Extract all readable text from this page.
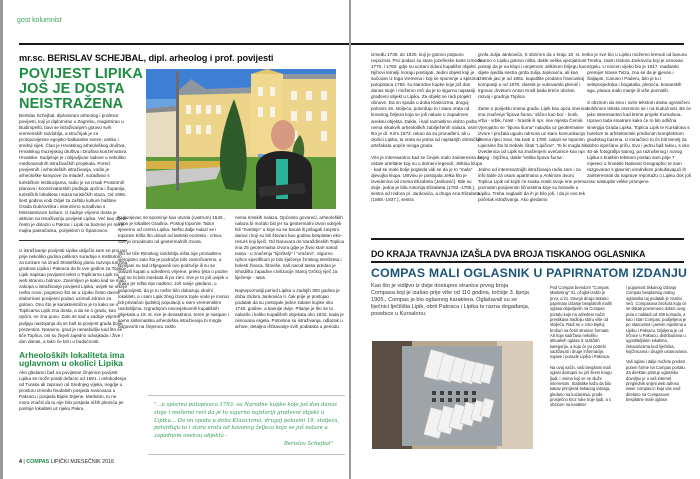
gost kolumnist
mr.sc. BERISLAV SCHEJBAL, dipl. arheolog i prof. povijesti
POVIJEST LIPIKA JOŠ JE DOSTA NEISTRAŽENA

Berislav Schejbal, diplomirani arheolog i profesor povijesti, koji je diplomirao u Zagrebu, magistrirao u Budimpešti, bavi se istraživanjem gotovo svih vremenskih razdoblja, a stručnjak je za protopovijesne egejsko-balkanske sveze, antiku i srednji vijek. Član je Hrvatskog arheološkog društva, Hrvatskog muzejskog društva i Društva konzervatora Hrvatske. Sudjeluje je i objavljivao radove u nekoliko međunarodnih istraživačkih projekata. Pored povijesnih i arheoloških istraživanja, vodio je arheološke kampove za mladež, surađivao s turističkim institucijama, radio je na izradi Prostornih planova i konzervatorskih podloga općina i Županija, turističkih lokaliteta i staza turističkih staza. Od 1995. šest godina vodi Odjel za zaštitu kulture baštine Grada Dubrovnika i intenzivno surađivao s Ministarstvom kulture. U zadnje vrijeme dosta je aktivan na istraživanju povijesti Lipika. Već kao dijete često je dolazio u Pakrac i Lipik na bazene jer mu je majka pakračanka, porijeklom iz Španovice.

U istraživanje povijesti Lipika uključio sam se prvi put prije nekoliko godina prilikom suradnje s Institutom za turizam na izradi Strateškog plana razvoja turizma gradova Lipika i Pakraca da bi ove godine za Toplice Lipik napisao povijesni tekst o Toplicama Lipik za web stranicu bolnice. Zanimljivo je kako kad se malo zakopa u istraživanje povijesti Lipika, uvijek se otkrije nešto novo, pogotovo što se u Lipiku često davno elaborirani povijesni podaci uzimali zdravo za gotovo. Ono što je karakteristično je to kako se o Toplicama Lipik zna dosta, a da se o gradu, kao općini, ne zna puno. Zato se sad u zadnje vrijeme javljaju nastojanja da se baš ta povijest grada bolje prezentira. Naravno, grad je neraskidljiv kad što se tiče Toplica, oni su živjeli zajedno odvajkada i žive i dan danas, a tako će biti i u budućnosti.

Arheoloških lokaliteta ima uglavnom u okolici Lipika

Ako gledamo baš na povijesne činjenice povijest Lipika se može pratiti defacto od 1691. i oslobođenja od Turaka ali zapravo od Srednjeg vijeka, negdje u prostoru između feudalnih posjeda Ivanovaca u Pakracu i posjeda Bijele Stijene. Međutim, to ne mora značiti da tu nije bilo posjeda nižih plemića jer postoje lokaliteti uz rijeku Pakru.

Kukunjevac se spominje kao utvrda (castrum) 1540., tamo je lokalitet Gradina. Postoji toponim Tabor sjeverno od centra Lipika. Nešto dalje nalazi se i toponim Kliša što dolazi od latinski ecclesia - crkva. Sve je izmaknuto od geotermalnih izvora.

Što se tiče Rimskog razdoblja ništa nije pronađeno vjerojatno zato što je područje bilo zamočvareno, a Rimljani su tad izbjegavali ovo područje ili su se dolazili kupati u određeno vrijeme; preko ljeta u podne kad ne bi bilo insekata ili po zimi. Sve je to još uvijek u zraku jer ništa nije nađeno. Još ranije gledano, u prapovijesti, da je tu nešto bilo dokazuju okolni lokaliteti, a i sam Lipik zbog izvora tople vode je morao biti privlačan ljudskoj populaciji u svim vremenskim razdobljima. Izgradnjom novovjekovnih kupališnih objekata u 19. st. sve je devastirano, teren je nasipan i samo sistematska arheološka istraživanja bi mogla odgovoriti na činjenicu zašto

nema rimskih nalaza. Općenito govoreći, arheoloških nalaza bi moralo biti jer su geotermalni izvori odvijek bili "Svetinje" u koje su se bacali ili prilagali zavjetni darovi i koji su bili štovani kao godina besplatan eko-resurs koji liječi. Od Daruvara do Varaždinskih Toplica ima 25 geotermalna izvora gdje je živio stari narod Iassa - u značenju "liječitelji" / "vračevi". Sigurno njihov specifikum je bilo liječenje žrnskog sterilizeta i bolesti živaca. Štoviše, naš narod Iassa predao je ishodištu zapadne civilizacije Staroj Grčkoj riječ za liječenje - iasis.

Najnepoznatiji period Lipika u zadnjih 300 godina je doba Izidora Jankovića II. čak prije je postojao podatak da su postojale jedne zidane kupke oko 1745. godine, a kasnije dvije. Pitanje je što se tu nalazilo i koliko kupališnih objekata oko 1843. kada je osnovana ergela. Potrebna su istraživanja, odlazak u arhive, detaljno iščitavanje svih podataka u periodu

"...u spisima putopisaca 1793. su Narodne kupke koje još dan danas stoje i možemo reći da je to sigurno najstariji građevni objekt u Lipiku... Da on spada u doba Klasicizma, drugoj polovini 19. stoljeća, potvrđuju to i stara vrata od kovanog željeza koja se još nalaze u zapadnom aneksu objekta -
Berislav Schejbal"
4 | COMPAS LIPIČKI MJESEČNIK 2016

između 1730. do 1820. koji je gotovo potpuno nepoznat. Prvi podaci su stare jozefinske karte između 1770. i 1780. gdje su ucrtani zidani kupališni objekti. Njihovi temelji moraju postojati. Jedini objekt koji je sačuvan iz toga vremena i koji se spominje u spisima putopisaca 1793. su Narodne kupke koje još dan danas stoje i možemo reći da je to sigurno najstariji građevni objekt u Lipiku. Za objekt se radi projekt obnove. Da on spada u doba Klasicizma, drugoj polovini 19. stoljeća, potvrđuju to i stara vrata od kovanog željeza koja se još nalaze u zapadnom aneksu objekta. Dakle, i kad razmislimo dobro pošto nema nikakvih arheoloških zabilježenih nalaza, osim što je dr. Kirm 1873. rekao da su pronađeni, ali u okolici Lipika, ta vrata su jedna od najstarijih obrtničkih artefakata uopće ovoga grada.

Vrlo je interesantno kad se čovjek malo zainteresira za ostale artefakte koji su u domeni legendi. Jelkina klupa - kad se malo bolje pogleda vidi se da je to "mala" djevojka klupa. Ustvinu je postojala Jelka što je izvedenica od imena Elizabeta (Janković). Bile su dvije, jedna je bila Antonija Elizabeta (1783.-1785.), sestra od Izidora pl. Jankovića, a druga Ana Elizabeta (1859.-1937.), sestra

grofa Julija Jankovića. S obzirom da o kraju 18. st. ne znamo o Lipiku gotovo ništa, dakle velika vjerojatnost postoji da je na klupi i umjetnom Jelkinom brijegu kao dijete sjedila sestra grofa Julija Jankovića, ali kao Izletnik javi je od 1861. kupalište prodano francuskoj kompaniji a od 1876. vlasnik je vukovarski plemić i trgovac drvetom Antun Knoll kada kreće ubrzan razvoj i gradnja Toplica.

Zatim o porijeklu imena grada. Lipik kao opća imenica ima značenje 'lipova šuma,' slično kao bor - borik, vrba - vrbik, hrast - hrastik ili npr. ime mjesta Černik. Vjerojatno se "lipova šuma" nalazila uz geotermalne izvore i pružala ugodu odmora uz staru komunikaciju prema rijeci Savi. Na karti iz 1780. nalazi se toponim Lipicsine što bi trebalo čitati "Lipičine". To bi mogla biti izvedenica od Lipik sa značenjem uvećanice kao npr. brijeg - brjižina, dakle 'Velika lipova šuma'.

Jedno od interesantnijih istraživanja radio sam i za info table za osam apartmana u Ankinom dvoru Toplica Lipik od kojih će svaka nositi svoje ime prema poznatim povijesnim ličnostima koje su boravile u Lipiku. Treba naglasiti da ih je bilo još, i da je ovo tek početak istraživanja. Ako gledamo

tko je sve bio u Lipiku možemo krenuti od baruna Trenka, zatim Izidora Jankovića koji je osnovao ergelu. U novom vijeku bio je 1917. mađarski premijer Istvan Tisza, zna se da je gjevao i Šaljapin, Caruso i Paderu, bilo je tu i veleposjednika i bogataša, plemića, bosanskih aga, pisaca malo manje ili više poznatih.

S obzirom da smo i ovim tekstom dosta ograničeni količinom teksta osvrnimo se i na budućnost. Bit će jako interesantno kad krene projekt Kursalona. Upravo tada smatram kako će to biti odlična sinergija Grada Lipika, Toplica Lipik te Kursalona s hotelom te arhitektonski predivnim kompleksom gradskog bazena. U konačnici to će biti temelj za dobro ispričanu priču. Evo i jednu baš takvu, s oko 40-ak fotografija starog, pa razrušenog i novog Lipika s kratkim tekstom poslao sam prije 7 mjeseci u hrvatski National Geographic te sam razgovarao s glavnim urednikom pokušavajući ih zainteresirati da naprave reportažu o Lipiku dok još nisu nastupile velike promjene.

DO KRAJA TRAVNJA IZAŠLA DVA BROJA TISKANOG OGLASNIKA
COMPAS MALI OGLASNIK U PAPIRNATOM IZDANJU
Kao što je vidljivo iz dvije dostupne stranice prvog broja Compasa koji je izašao prije više od 110 godina, točnije 3. lipnja 1905., Compas je bio oglasnog karaktera. Oglašavali su se liječnici lječilišta Lipik, obrti Pakraca i Lipika te razna događanja, posebice u Kursalonu.

Pod Compas brendom "Compas Marketing" 31. ožujka izašlo je prvo, a 21. travnja drugo tiskano papirnato izdanje besplatnih malih oglasa objavljenih na Compas portalu koje na određeni način preslikava tradiciju staru više od stoljeća. Radi se o crno-bijeloj brošuri na četiri stranice formata A5 koja sadržava nekoliko aktualnih oglasa iz različitih kategorija, a koja će po potrebi sadržavati i druge informacije, najave i ponude Lipika i Pakraca.

Na ovaj način, vaši besplatni mali oglasi dostupni su još širem krugu ljudi, i onima koji se ne služe internetom. Statistike kažu da bilo kakav primjerak tiskanog izdanja, gledano na kućanstva, prođe prosječno kroz ruke troje ljudi, a s obzirom na karakter

i pojavnost tiskanog izdanja Compas besplatnog malog oglasnika taj podatak je znatno veći. Compasova brošura koja će se tiskati povremeno dolazi ovog puta u nakladi od 400 komada, a kao i stari Compas, podijeljena je po stanovima i javnim mjestima u Lipiku i Pakracu. Dijeljena je od trčnice u Pakracu, distribuirana u ugostiteljskim lokalima, čekaonicama kod liječnika, knjižnicama i drugim ustanovama.

Vaš oglasi i dalje možete predati putem forme na Compas portalu. Za direktan pristup oglasniku dovoljno je u vaš internet preglednik unijeti web adresu www. compas.in koja vas vodi direktno na Compasove besplatne male oglase.
